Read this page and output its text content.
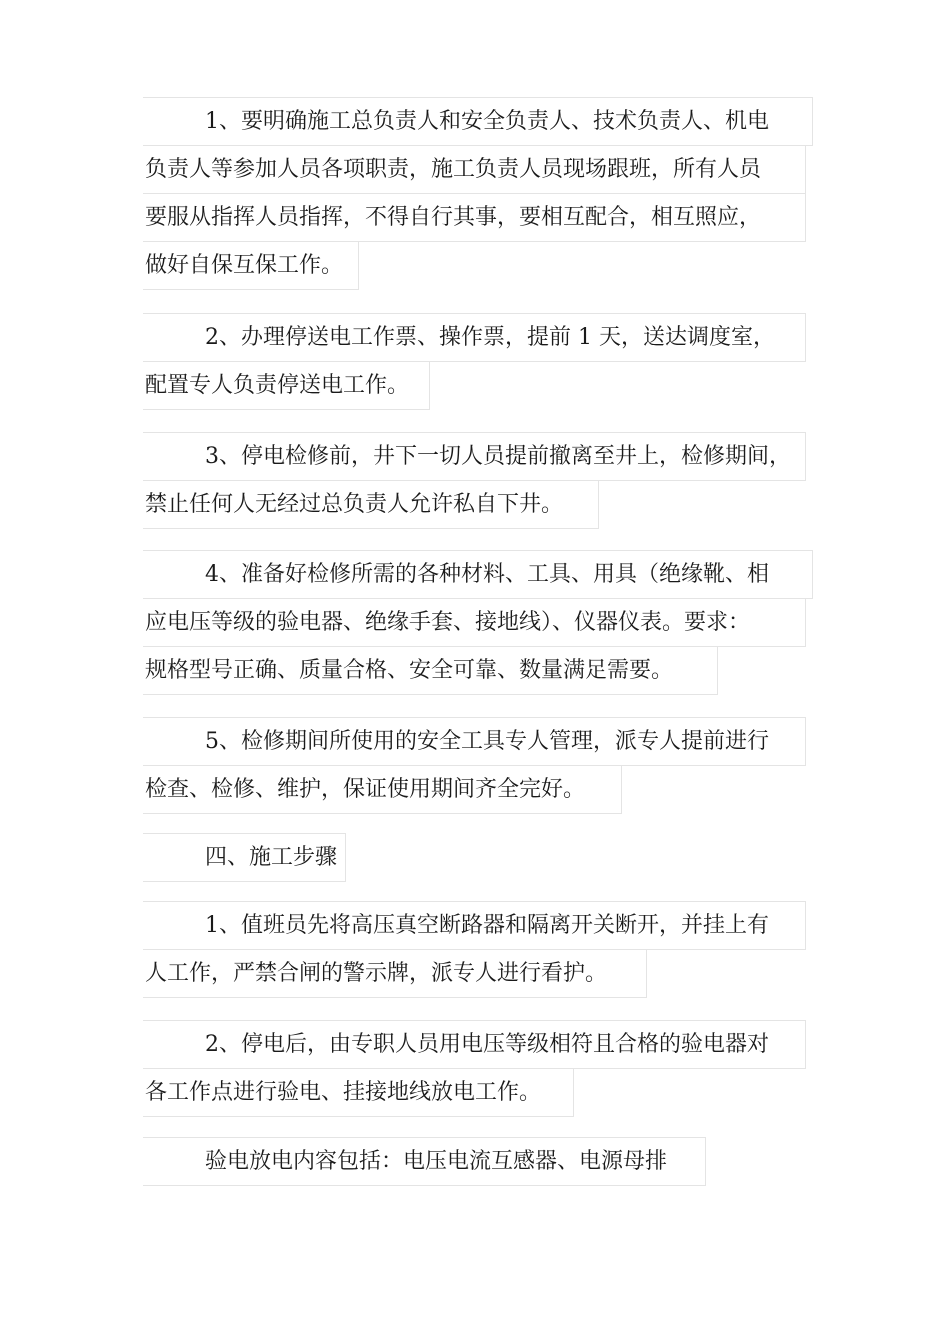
1、要明确施工总负责人和安全负责人、技术负责人、机电
负责人等参加人员各项职责，施工负责人员现场跟班，所有人员
要服从指挥人员指挥，不得自行其事，要相互配合，相互照应，
做好自保互保工作。
2、办理停送电工作票、操作票，提前 1 天，送达调度室，
配置专人负责停送电工作。
3、停电检修前，井下一切人员提前撤离至井上，检修期间，
禁止任何人无经过总负责人允许私自下井。
4、准备好检修所需的各种材料、工具、用具（绝缘靴、相
应电压等级的验电器、绝缘手套、接地线）、仪器仪表。要求：
规格型号正确、质量合格、安全可靠、数量满足需要。
5、检修期间所使用的安全工具专人管理，派专人提前进行
检查、检修、维护，保证使用期间齐全完好。
四、施工步骤
1、值班员先将高压真空断路器和隔离开关断开，并挂上有
人工作，严禁合闸的警示牌，派专人进行看护。
2、停电后，由专职人员用电压等级相符且合格的验电器对
各工作点进行验电、挂接地线放电工作。
验电放电内容包括：电压电流互感器、电源母排
